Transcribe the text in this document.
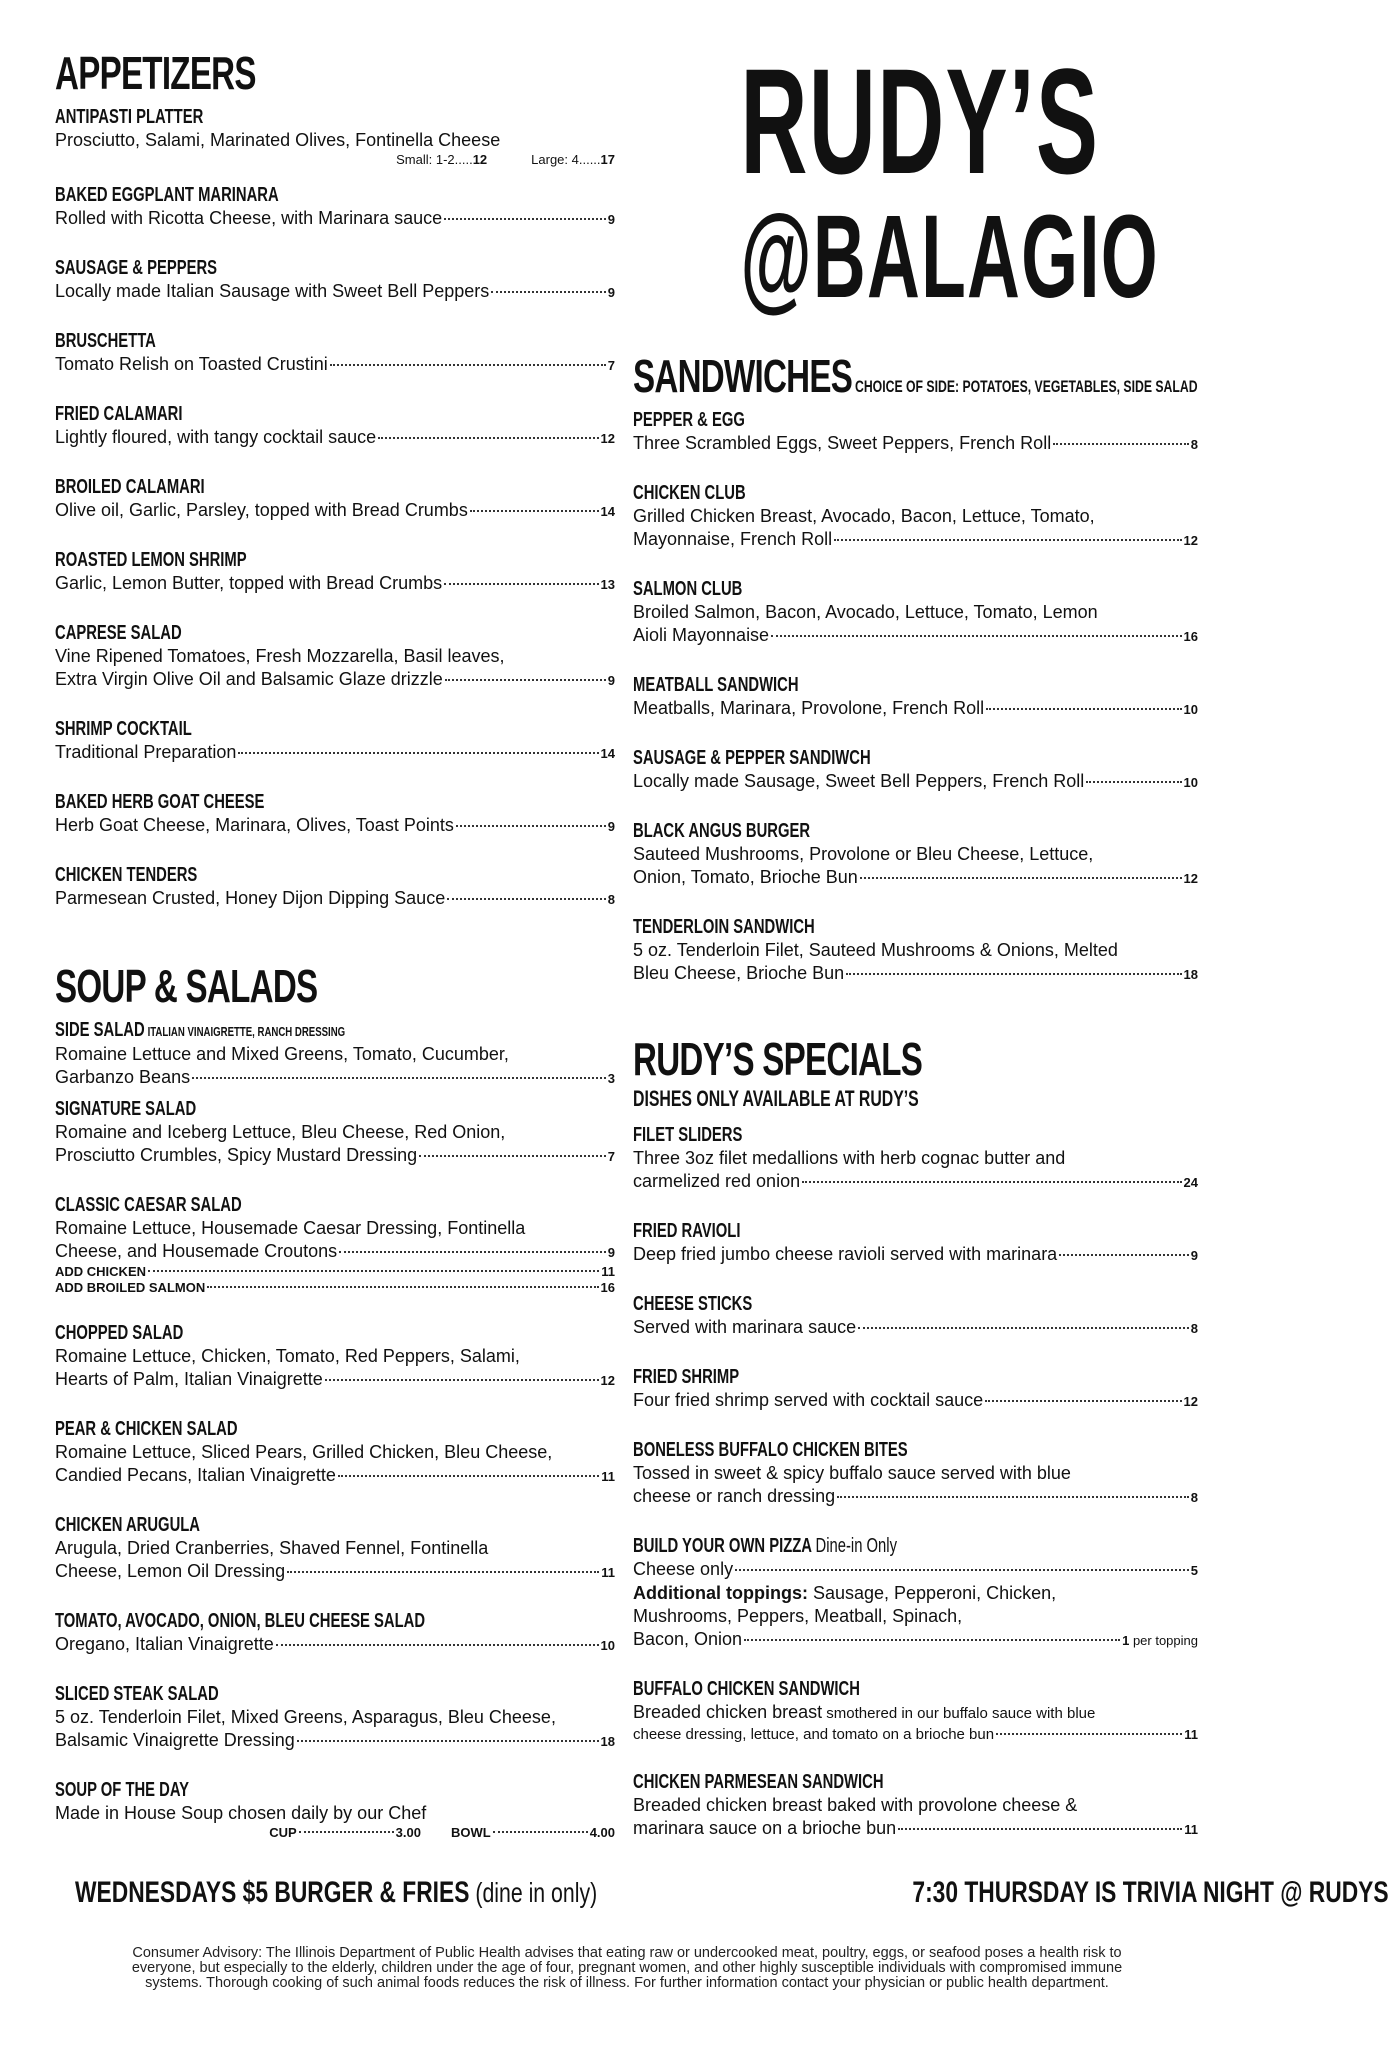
APPETIZERS
ANTIPASTI PLATTER
Prosciutto, Salami, Marinated Olives, Fontinella Cheese
Small: 1-2.....12	Large: 4......17
BAKED EGGPLANT MARINARA
Rolled with Ricotta Cheese, with Marinara sauce	9
SAUSAGE & PEPPERS
Locally made Italian Sausage with Sweet Bell Peppers	9
BRUSCHETTA
Tomato Relish on Toasted Crustini	7
FRIED CALAMARI
Lightly floured, with tangy cocktail sauce	12
BROILED CALAMARI
Olive oil, Garlic, Parsley, topped with Bread Crumbs	14
ROASTED LEMON SHRIMP
Garlic, Lemon Butter, topped with Bread Crumbs	13
CAPRESE SALAD
Vine Ripened Tomatoes, Fresh Mozzarella, Basil leaves,
Extra Virgin Olive Oil and Balsamic Glaze drizzle	9
SHRIMP COCKTAIL
Traditional Preparation	14
BAKED HERB GOAT CHEESE
Herb Goat Cheese, Marinara, Olives, Toast Points	9
CHICKEN TENDERS
Parmesean Crusted, Honey Dijon Dipping Sauce	8
SOUP & SALADS
SIDE SALAD ITALIAN VINAIGRETTE, RANCH DRESSING
Romaine Lettuce and Mixed Greens, Tomato, Cucumber,
Garbanzo Beans	3
SIGNATURE SALAD
Romaine and Iceberg Lettuce, Bleu Cheese, Red Onion,
Prosciutto Crumbles, Spicy Mustard Dressing	7
CLASSIC CAESAR SALAD
Romaine Lettuce, Housemade Caesar Dressing, Fontinella
Cheese, and Housemade Croutons	9
ADD CHICKEN	11
ADD BROILED SALMON	16
CHOPPED SALAD
Romaine Lettuce, Chicken, Tomato, Red Peppers, Salami,
Hearts of Palm, Italian Vinaigrette	12
PEAR & CHICKEN SALAD
Romaine Lettuce, Sliced Pears, Grilled Chicken, Bleu Cheese,
Candied Pecans, Italian Vinaigrette	11
CHICKEN ARUGULA
Arugula, Dried Cranberries, Shaved Fennel, Fontinella
Cheese, Lemon Oil Dressing	11
TOMATO, AVOCADO, ONION, BLEU CHEESE SALAD
Oregano, Italian Vinaigrette	10
SLICED STEAK SALAD
5 oz. Tenderloin Filet, Mixed Greens, Asparagus, Bleu Cheese,
Balsamic Vinaigrette Dressing	18
SOUP OF THE DAY
Made in House Soup chosen daily by our Chef
CUP	3.00 BOWL	4.00
RUDY’S
@BALAGIO
SANDWICHES CHOICE OF SIDE: POTATOES, VEGETABLES, SIDE SALAD
PEPPER & EGG
Three Scrambled Eggs, Sweet Peppers, French Roll	8
CHICKEN CLUB
Grilled Chicken Breast, Avocado, Bacon, Lettuce, Tomato,
Mayonnaise, French Roll	12
SALMON CLUB
Broiled Salmon, Bacon, Avocado, Lettuce, Tomato, Lemon
Aioli Mayonnaise	16
MEATBALL SANDWICH
Meatballs, Marinara, Provolone, French Roll	10
SAUSAGE & PEPPER SANDIWCH
Locally made Sausage, Sweet Bell Peppers, French Roll	10
BLACK ANGUS BURGER
Sauteed Mushrooms, Provolone or Bleu Cheese, Lettuce,
Onion, Tomato, Brioche Bun	12
TENDERLOIN SANDWICH
5 oz. Tenderloin Filet, Sauteed Mushrooms & Onions, Melted
Bleu Cheese, Brioche Bun	18
RUDY’S SPECIALS
DISHES ONLY AVAILABLE AT RUDY’S
FILET SLIDERS
Three 3oz filet medallions with herb cognac butter and
carmelized red onion	24
FRIED RAVIOLI
Deep fried jumbo cheese ravioli served with marinara	9
CHEESE STICKS
Served with marinara sauce	8
FRIED SHRIMP
Four fried shrimp served with cocktail sauce	12
BONELESS BUFFALO CHICKEN BITES
Tossed in sweet & spicy buffalo sauce served with blue
cheese or ranch dressing	8
BUILD YOUR OWN PIZZA Dine-in Only
Cheese only	5
Additional toppings: Sausage, Pepperoni, Chicken,
Mushrooms, Peppers, Meatball, Spinach,
Bacon, Onion	1 per topping
BUFFALO CHICKEN SANDWICH
Breaded chicken breast smothered in our buffalo sauce with blue
cheese dressing, lettuce, and tomato on a brioche bun	11
CHICKEN PARMESEAN SANDWICH
Breaded chicken breast baked with provolone cheese &
marinara sauce on a brioche bun	11
WEDNESDAYS $5 BURGER & FRIES (dine in only)	7:30 THURSDAY IS TRIVIA NIGHT @ RUDYS
Consumer Advisory: The Illinois Department of Public Health advises that eating raw or undercooked meat, poultry, eggs, or seafood poses a health risk to everyone, but especially to the elderly, children under the age of four, pregnant women, and other highly susceptible individuals with compromised immune systems. Thorough cooking of such animal foods reduces the risk of illness. For further information contact your physician or public health department.
